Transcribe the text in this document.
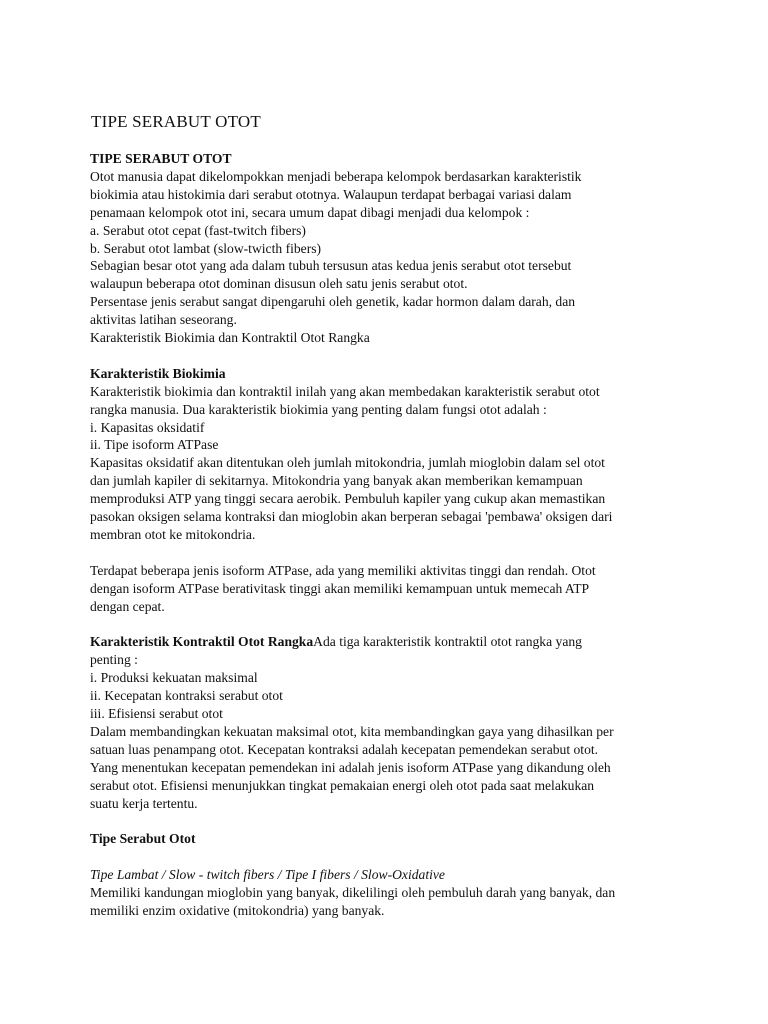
TIPE SERABUT OTOT

TIPE SERABUT OTOT

Otot manusia dapat dikelompokkan menjadi beberapa kelompok berdasarkan karakteristik

biokimia atau histokimia dari serabut ototnya. Walaupun terdapat berbagai variasi dalam

penamaan kelompok otot ini, secara umum dapat dibagi menjadi dua kelompok :

a. Serabut otot cepat (fast-twitch fibers)

b. Serabut otot lambat (slow-twicth fibers)

Sebagian besar otot yang ada dalam tubuh tersusun atas kedua jenis serabut otot tersebut

walaupun beberapa otot dominan disusun oleh satu jenis serabut otot.

Persentase jenis serabut sangat dipengaruhi oleh genetik, kadar hormon dalam darah, dan

aktivitas latihan seseorang.

Karakteristik Biokimia dan Kontraktil Otot Rangka

Karakteristik Biokimia

Karakteristik biokimia dan kontraktil inilah yang akan membedakan karakteristik serabut otot

rangka manusia. Dua karakteristik biokimia yang penting dalam fungsi otot adalah :

i. Kapasitas oksidatif

ii. Tipe isoform ATPase

Kapasitas oksidatif akan ditentukan oleh jumlah mitokondria, jumlah mioglobin dalam sel otot

dan jumlah kapiler di sekitarnya. Mitokondria yang banyak akan memberikan kemampuan

memproduksi ATP yang tinggi secara aerobik. Pembuluh kapiler yang cukup akan memastikan

pasokan oksigen selama kontraksi dan mioglobin akan berperan sebagai 'pembawa' oksigen dari

membran otot ke mitokondria.

Terdapat beberapa jenis isoform ATPase, ada yang memiliki aktivitas tinggi dan rendah. Otot

dengan isoform ATPase berativitask tinggi akan memiliki kemampuan untuk memecah ATP

dengan cepat.

Karakteristik Kontraktil Otot RangkaAda tiga karakteristik kontraktil otot rangka yang

penting :

i. Produksi kekuatan maksimal

ii. Kecepatan kontraksi serabut otot

iii. Efisiensi serabut otot

Dalam membandingkan kekuatan maksimal otot, kita membandingkan gaya yang dihasilkan per

satuan luas penampang otot. Kecepatan kontraksi adalah kecepatan pemendekan serabut otot.

Yang menentukan kecepatan pemendekan ini adalah jenis isoform ATPase yang dikandung oleh

serabut otot. Efisiensi menunjukkan tingkat pemakaian energi oleh otot pada saat melakukan

suatu kerja tertentu.

Tipe Serabut Otot

Tipe Lambat / Slow - twitch fibers / Tipe I fibers / Slow-Oxidative

Memiliki kandungan mioglobin yang banyak, dikelilingi oleh pembuluh darah yang banyak, dan

memiliki enzim oxidative (mitokondria) yang banyak.
